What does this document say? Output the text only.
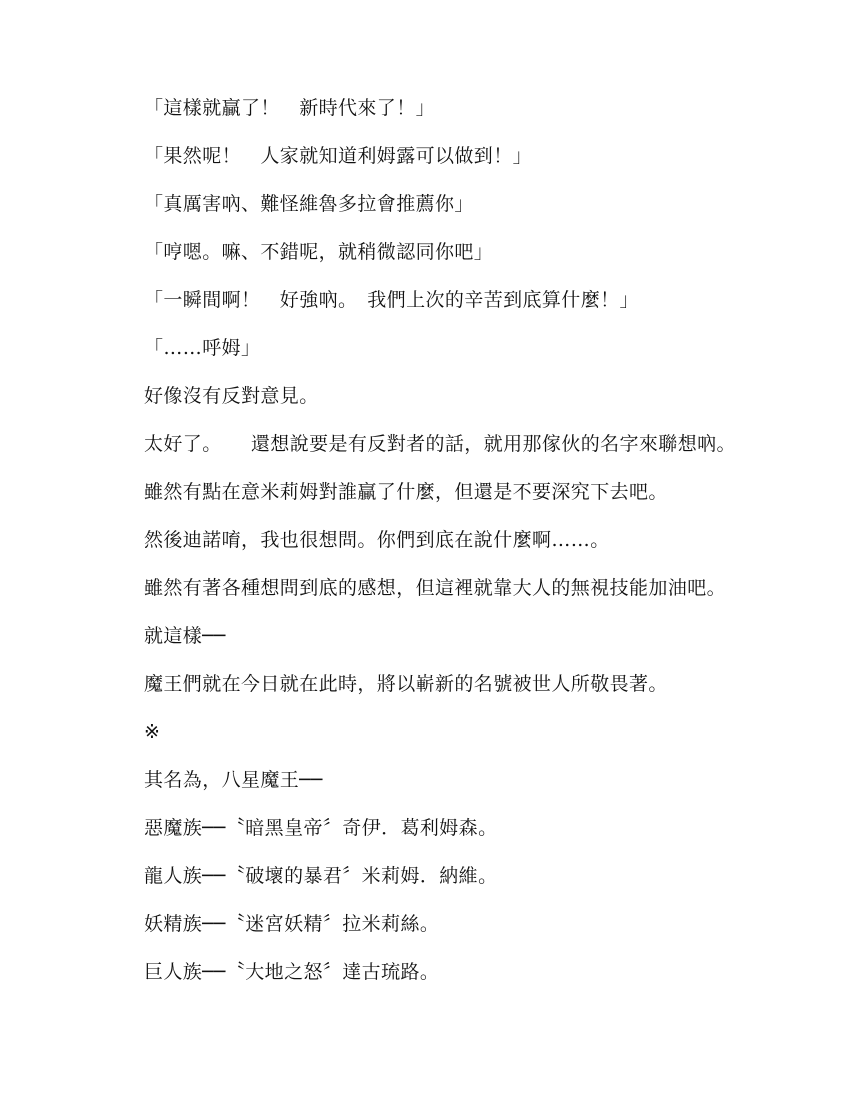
「這樣就贏了！　新時代來了！」

「果然呢！　人家就知道利姆露可以做到！」

「真厲害吶、難怪維魯多拉會推薦你」

「哼嗯。嘛、不錯呢，就稍微認同你吧」

「一瞬間啊！　好強吶。　我們上次的辛苦到底算什麼！」

「……呼姆」

好像沒有反對意見。

太好了。　　還想說要是有反對者的話，就用那傢伙的名字來聯想吶。

雖然有點在意米莉姆對誰贏了什麼，但還是不要深究下去吧。

然後迪諾唷，我也很想問。你們到底在說什麼啊……。

雖然有著各種想問到底的感想，但這裡就靠大人的無視技能加油吧。

就這樣──

魔王們就在今日就在此時，將以嶄新的名號被世人所敬畏著。

※

其名為，八星魔王──

惡魔族──〝暗黑皇帝〞奇伊．葛利姆森。

龍人族──〝破壞的暴君〞米莉姆．納維。

妖精族──〝迷宮妖精〞拉米莉絲。

巨人族──〝大地之怒〞達古琉路。
